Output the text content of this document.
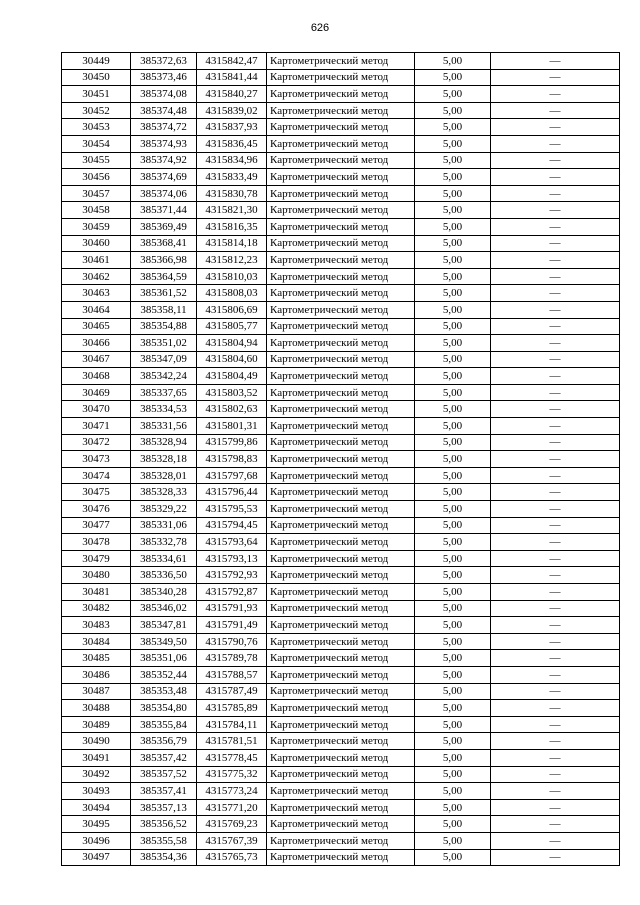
626
30449	385372,63	4315842,47	Картометрический метод	5,00	—
30450	385373,46	4315841,44	Картометрический метод	5,00	—
30451	385374,08	4315840,27	Картометрический метод	5,00	—
30452	385374,48	4315839,02	Картометрический метод	5,00	—
30453	385374,72	4315837,93	Картометрический метод	5,00	—
30454	385374,93	4315836,45	Картометрический метод	5,00	—
30455	385374,92	4315834,96	Картометрический метод	5,00	—
30456	385374,69	4315833,49	Картометрический метод	5,00	—
30457	385374,06	4315830,78	Картометрический метод	5,00	—
30458	385371,44	4315821,30	Картометрический метод	5,00	—
30459	385369,49	4315816,35	Картометрический метод	5,00	—
30460	385368,41	4315814,18	Картометрический метод	5,00	—
30461	385366,98	4315812,23	Картометрический метод	5,00	—
30462	385364,59	4315810,03	Картометрический метод	5,00	—
30463	385361,52	4315808,03	Картометрический метод	5,00	—
30464	385358,11	4315806,69	Картометрический метод	5,00	—
30465	385354,88	4315805,77	Картометрический метод	5,00	—
30466	385351,02	4315804,94	Картометрический метод	5,00	—
30467	385347,09	4315804,60	Картометрический метод	5,00	—
30468	385342,24	4315804,49	Картометрический метод	5,00	—
30469	385337,65	4315803,52	Картометрический метод	5,00	—
30470	385334,53	4315802,63	Картометрический метод	5,00	—
30471	385331,56	4315801,31	Картометрический метод	5,00	—
30472	385328,94	4315799,86	Картометрический метод	5,00	—
30473	385328,18	4315798,83	Картометрический метод	5,00	—
30474	385328,01	4315797,68	Картометрический метод	5,00	—
30475	385328,33	4315796,44	Картометрический метод	5,00	—
30476	385329,22	4315795,53	Картометрический метод	5,00	—
30477	385331,06	4315794,45	Картометрический метод	5,00	—
30478	385332,78	4315793,64	Картометрический метод	5,00	—
30479	385334,61	4315793,13	Картометрический метод	5,00	—
30480	385336,50	4315792,93	Картометрический метод	5,00	—
30481	385340,28	4315792,87	Картометрический метод	5,00	—
30482	385346,02	4315791,93	Картометрический метод	5,00	—
30483	385347,81	4315791,49	Картометрический метод	5,00	—
30484	385349,50	4315790,76	Картометрический метод	5,00	—
30485	385351,06	4315789,78	Картометрический метод	5,00	—
30486	385352,44	4315788,57	Картометрический метод	5,00	—
30487	385353,48	4315787,49	Картометрический метод	5,00	—
30488	385354,80	4315785,89	Картометрический метод	5,00	—
30489	385355,84	4315784,11	Картометрический метод	5,00	—
30490	385356,79	4315781,51	Картометрический метод	5,00	—
30491	385357,42	4315778,45	Картометрический метод	5,00	—
30492	385357,52	4315775,32	Картометрический метод	5,00	—
30493	385357,41	4315773,24	Картометрический метод	5,00	—
30494	385357,13	4315771,20	Картометрический метод	5,00	—
30495	385356,52	4315769,23	Картометрический метод	5,00	—
30496	385355,58	4315767,39	Картометрический метод	5,00	—
30497	385354,36	4315765,73	Картометрический метод	5,00	—
